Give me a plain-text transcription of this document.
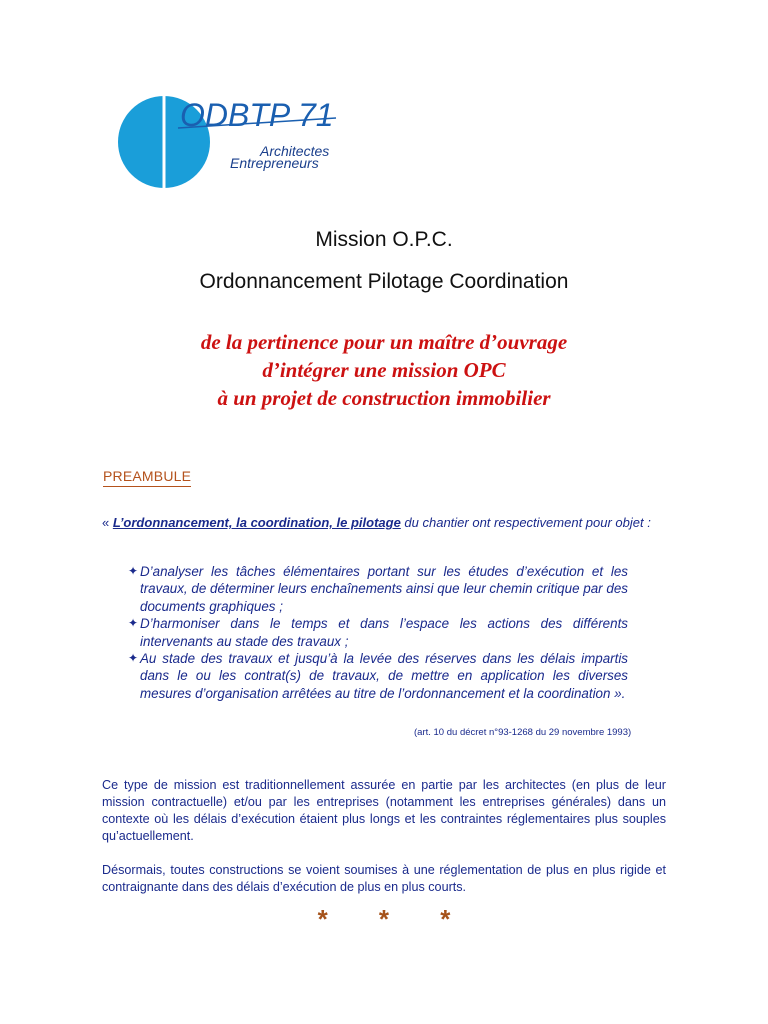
ODBTP 71
Architectes
Entrepreneurs
Mission O.P.C.
Ordonnancement Pilotage Coordination
de la pertinence pour un maître d’ouvrage
d’intégrer une mission OPC
à un projet de construction immobilier
PREAMBULE
« L’ordonnancement, la coordination, le pilotage du chantier ont respectivement pour objet :
✦ D’analyser les tâches élémentaires portant sur les études d’exécution et les travaux, de déterminer leurs enchaînements ainsi que leur chemin critique par des documents graphiques ;
✦ D’harmoniser dans le temps et dans l’espace les actions des différents intervenants au stade des travaux ;
✦ Au stade des travaux et jusqu’à la levée des réserves dans les délais impartis dans le ou les contrat(s) de travaux, de mettre en application les diverses mesures d’organisation arrêtées au titre de l’ordonnancement et la coordination ».
(art. 10 du décret n°93-1268 du 29 novembre 1993)
Ce type de mission est traditionnellement assurée en partie par les architectes (en plus de leur mission contractuelle) et/ou par les entreprises (notamment les entreprises générales) dans un contexte où les délais d’exécution étaient plus longs et les contraintes réglementaires plus souples qu’actuellement.
Désormais, toutes constructions se voient soumises à une réglementation de plus en plus rigide et contraignante dans des délais d’exécution de plus en plus courts.
* * *
